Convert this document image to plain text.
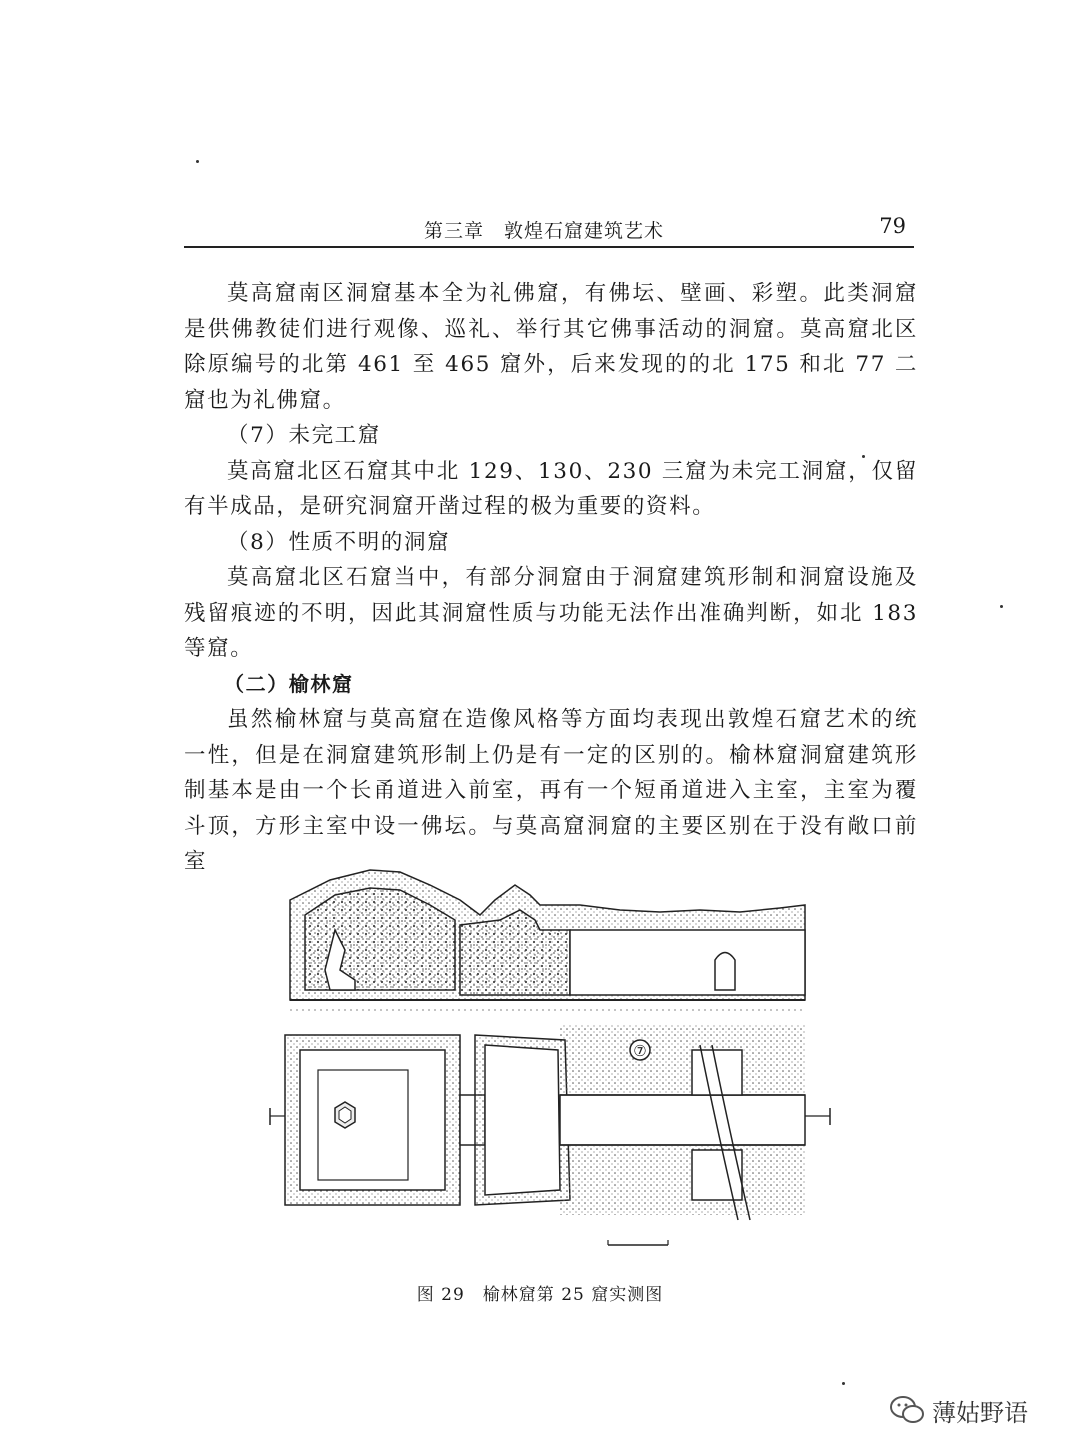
第三章　敦煌石窟建筑艺术	79

莫高窟南区洞窟基本全为礼佛窟，有佛坛、壁画、彩塑。此类洞窟是供佛教徒们进行观像、巡礼、举行其它佛事活动的洞窟。莫高窟北区除原编号的北第 461 至 465 窟外，后来发现的的北 175 和北 77 二窟也为礼佛窟。

（7）未完工窟

莫高窟北区石窟其中北 129、130、230 三窟为未完工洞窟，仅留有半成品，是研究洞窟开凿过程的极为重要的资料。

（8）性质不明的洞窟

莫高窟北区石窟当中，有部分洞窟由于洞窟建筑形制和洞窟设施及残留痕迹的不明，因此其洞窟性质与功能无法作出准确判断，如北 183 等窟。

（二）榆林窟

虽然榆林窟与莫高窟在造像风格等方面均表现出敦煌石窟艺术的统一性，但是在洞窟建筑形制上仍是有一定的区别的。榆林窟洞窟建筑形制基本是由一个长甬道进入前室，再有一个短甬道进入主室，主室为覆斗顶，方形主室中设一佛坛。与莫高窟洞窟的主要区别在于没有敞口前室

⑦
图 29　榆林窟第 25 窟实测图
薄姑野语
